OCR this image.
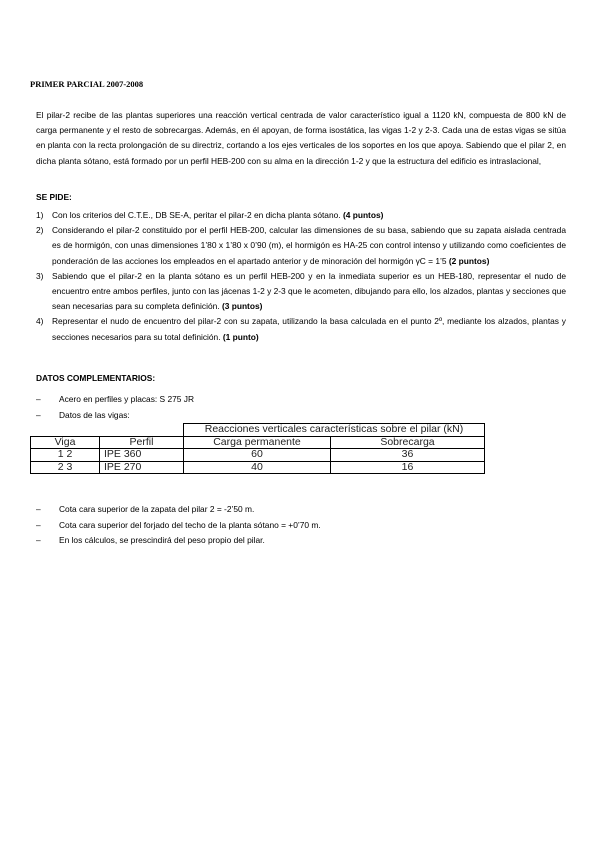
PRIMER PARCIAL 2007-2008
El pilar-2 recibe de las plantas superiores una reacción vertical centrada de valor característico igual a 1120 kN, compuesta de 800 kN de carga permanente y el resto de sobrecargas. Además, en él apoyan, de forma isostática, las vigas 1-2 y 2-3. Cada una de estas vigas se sitúa en planta con la recta prolongación de su directriz, cortando a los ejes verticales de los soportes en los que apoya. Sabiendo que el pilar 2, en dicha planta sótano, está formado por un perfil HEB-200 con su alma en la dirección 1-2 y que la estructura del edificio es intraslacional,
SE PIDE:
1) Con los criterios del C.T.E., DB SE-A, peritar el pilar-2 en dicha planta sótano. (4 puntos)
2) Considerando el pilar-2 constituido por el perfil HEB-200, calcular las dimensiones de su basa, sabiendo que su zapata aislada centrada es de hormigón, con unas dimensiones 1’80 x 1’80 x 0’90 (m), el hormigón es HA-25 con control intenso y utilizando como coeficientes de ponderación de las acciones los empleados en el apartado anterior y de minoración del hormigón γC = 1’5 (2 puntos)
3) Sabiendo que el pilar-2 en la planta sótano es un perfil HEB-200 y en la inmediata superior es un HEB-180, representar el nudo de encuentro entre ambos perfiles, junto con las jácenas 1-2 y 2-3 que le acometen, dibujando para ello, los alzados, plantas y secciones que sean necesarias para su completa definición. (3 puntos)
4) Representar el nudo de encuentro del pilar-2 con su zapata, utilizando la basa calculada en el punto 2º, mediante los alzados, plantas y secciones necesarios para su total definición. (1 punto)
DATOS COMPLEMENTARIOS:
– Acero en perfiles y placas: S 275 JR
– Datos de las vigas:
		Reacciones verticales características sobre el pilar (kN)	
Viga	Perfil	Carga permanente	Sobrecarga
1 2	IPE 360	60	36
2 3	IPE 270	40	16
– Cota cara superior de la zapata del pilar 2 = -2’50 m.
– Cota cara superior del forjado del techo de la planta sótano = +0’70 m.
– En los cálculos, se prescindirá del peso propio del pilar.
